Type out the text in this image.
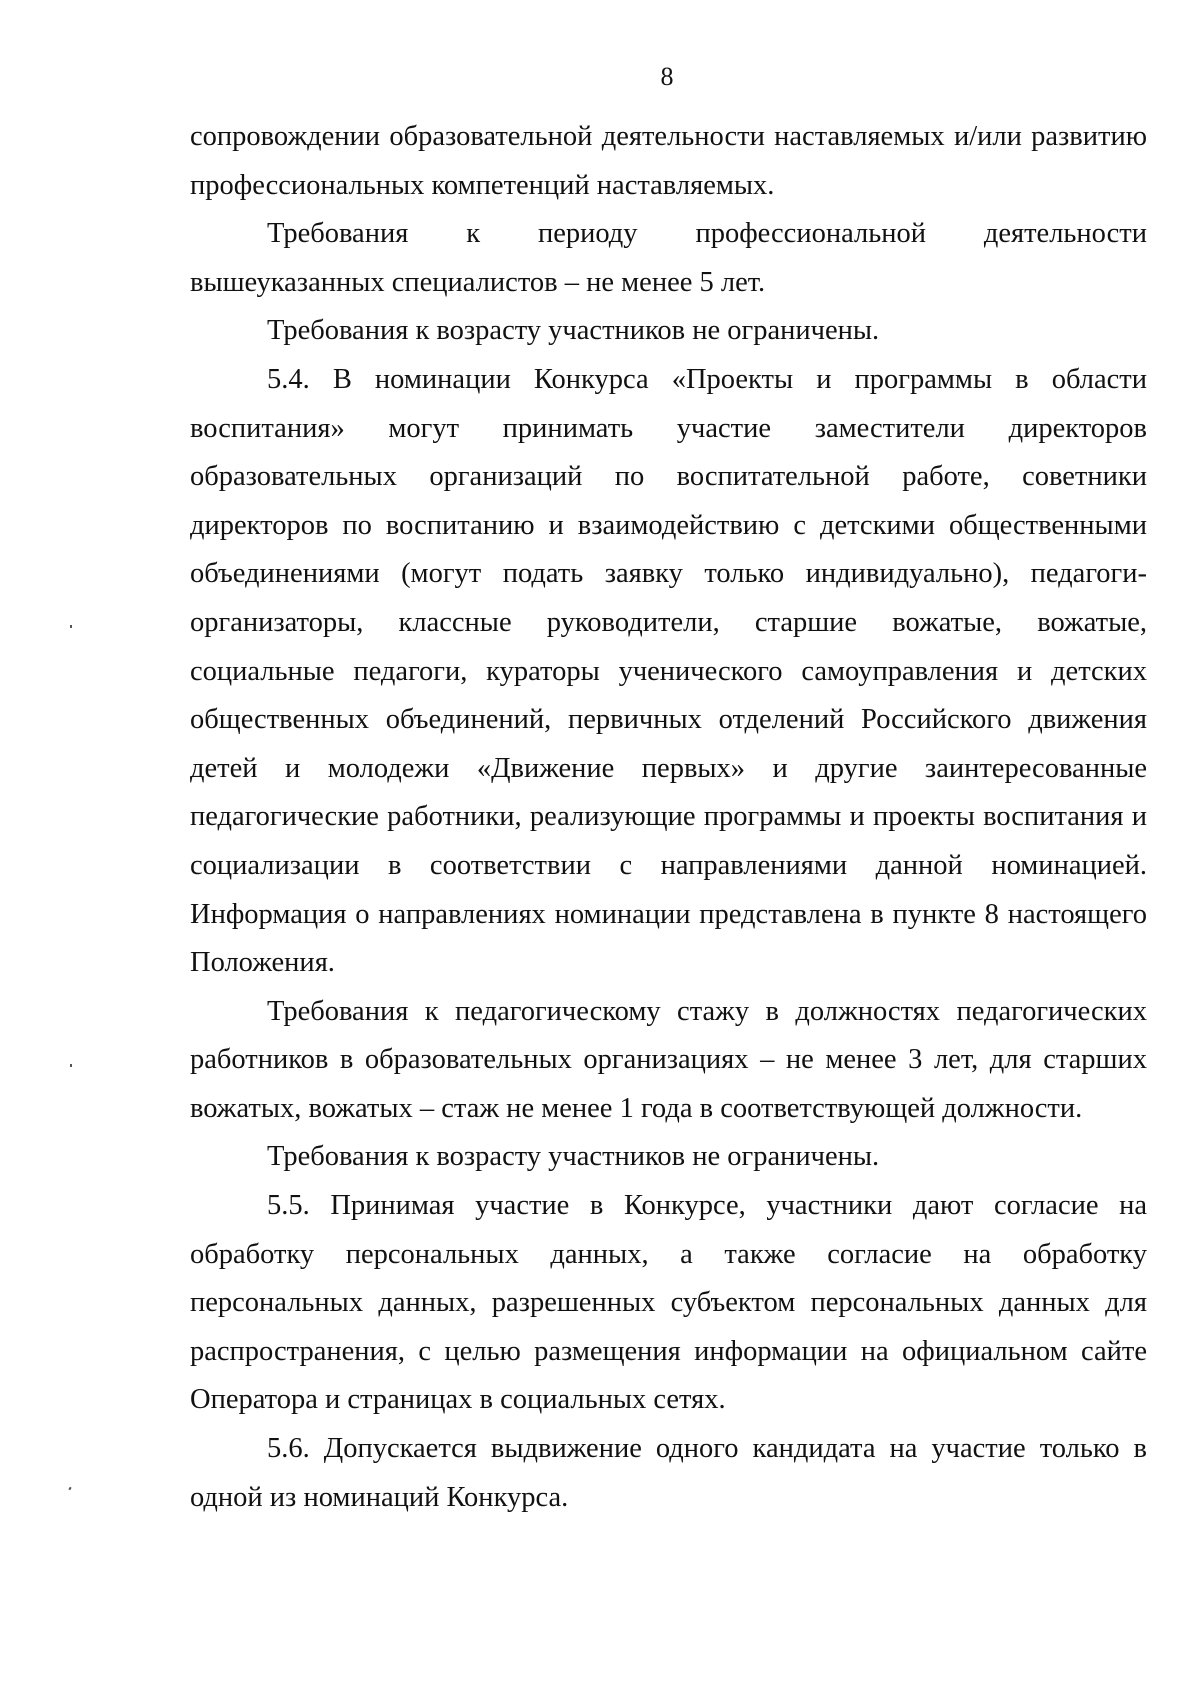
8
сопровождении образовательной деятельности наставляемых и/или развитию
профессиональных компетенций наставляемых.
Требования к периоду профессиональной деятельности
вышеуказанных специалистов – не менее 5 лет.
Требования к возрасту участников не ограничены.
5.4. В номинации Конкурса «Проекты и программы в области
воспитания» могут принимать участие заместители директоров
образовательных организаций по воспитательной работе, советники
директоров по воспитанию и взаимодействию с детскими общественными
объединениями (могут подать заявку только индивидуально), педагоги-
организаторы, классные руководители, старшие вожатые, вожатые,
социальные педагоги, кураторы ученического самоуправления и детских
общественных объединений, первичных отделений Российского движения
детей и молодежи «Движение первых» и другие заинтересованные
педагогические работники, реализующие программы и проекты воспитания и
социализации в соответствии с направлениями данной номинацией.
Информация о направлениях номинации представлена в пункте 8 настоящего
Положения.
Требования к педагогическому стажу в должностях педагогических
работников в образовательных организациях – не менее 3 лет, для старших
вожатых, вожатых – стаж не менее 1 года в соответствующей должности.
Требования к возрасту участников не ограничены.
5.5. Принимая участие в Конкурсе, участники дают согласие на
обработку персональных данных, а также согласие на обработку
персональных данных, разрешенных субъектом персональных данных для
распространения, с целью размещения информации на официальном сайте
Оператора и страницах в социальных сетях.
5.6. Допускается выдвижение одного кандидата на участие только в
одной из номинаций Конкурса.
